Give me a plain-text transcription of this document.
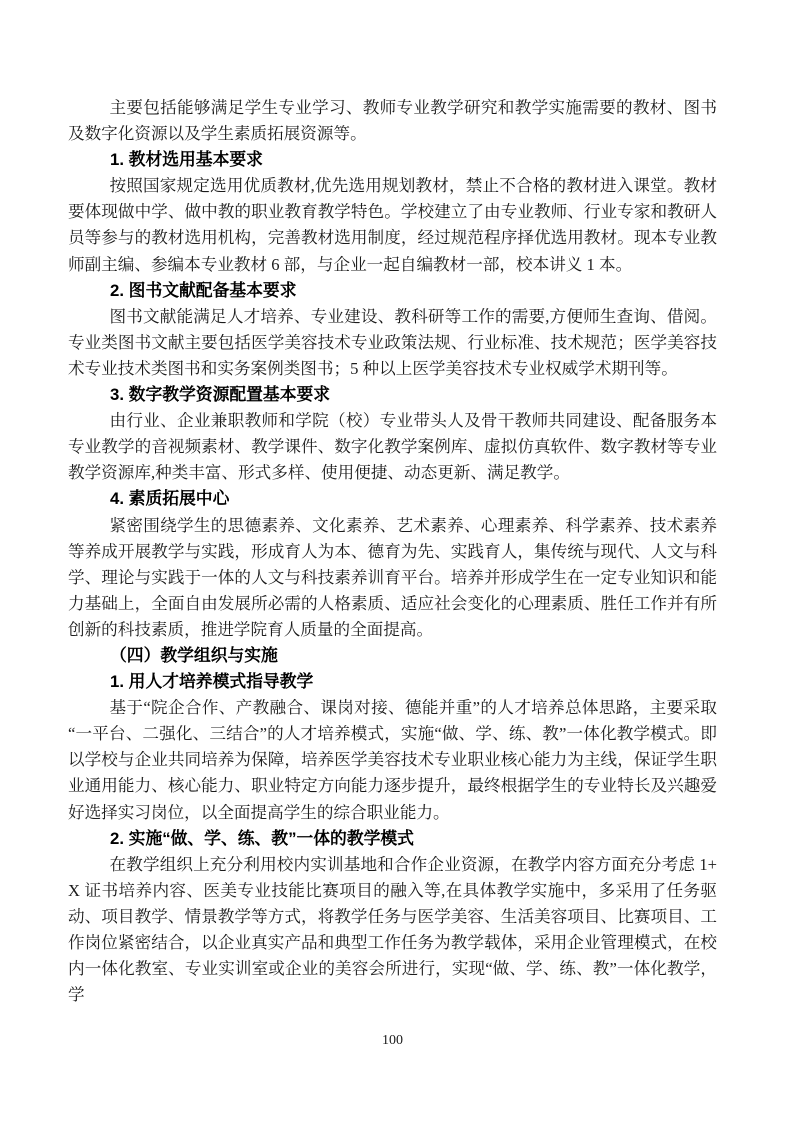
主要包括能够满足学生专业学习、教师专业教学研究和教学实施需要的教材、图书及数字化资源以及学生素质拓展资源等。

1. 教材选用基本要求

按照国家规定选用优质教材,优先选用规划教材，禁止不合格的教材进入课堂。教材要体现做中学、做中教的职业教育教学特色。学校建立了由专业教师、行业专家和教研人员等参与的教材选用机构，完善教材选用制度，经过规范程序择优选用教材。现本专业教师副主编、参编本专业教材 6 部，与企业一起自编教材一部，校本讲义 1 本。

2. 图书文献配备基本要求

图书文献能满足人才培养、专业建设、教科研等工作的需要,方便师生查询、借阅。专业类图书文献主要包括医学美容技术专业政策法规、行业标准、技术规范；医学美容技术专业技术类图书和实务案例类图书；5 种以上医学美容技术专业权威学术期刊等。

3. 数字教学资源配置基本要求

由行业、企业兼职教师和学院（校）专业带头人及骨干教师共同建设、配备服务本专业教学的音视频素材、教学课件、数字化教学案例库、虚拟仿真软件、数字教材等专业教学资源库,种类丰富、形式多样、使用便捷、动态更新、满足教学。

4. 素质拓展中心

紧密围绕学生的思德素养、文化素养、艺术素养、心理素养、科学素养、技术素养等养成开展教学与实践，形成育人为本、德育为先、实践育人，集传统与现代、人文与科学、理论与实践于一体的人文与科技素养训育平台。培养并形成学生在一定专业知识和能力基础上，全面自由发展所必需的人格素质、适应社会变化的心理素质、胜任工作并有所创新的科技素质，推进学院育人质量的全面提高。

（四）教学组织与实施
1. 用人才培养模式指导教学

基于“院企合作、产教融合、课岗对接、德能并重”的人才培养总体思路，主要采取“一平台、二强化、三结合”的人才培养模式，实施“做、学、练、教”一体化教学模式。即以学校与企业共同培养为保障，培养医学美容技术专业职业核心能力为主线，保证学生职业通用能力、核心能力、职业特定方向能力逐步提升，最终根据学生的专业特长及兴趣爱好选择实习岗位，以全面提高学生的综合职业能力。

2. 实施“做、学、练、教”一体的教学模式

在教学组织上充分利用校内实训基地和合作企业资源，在教学内容方面充分考虑 1+X 证书培养内容、医美专业技能比赛项目的融入等,在具体教学实施中，多采用了任务驱动、项目教学、情景教学等方式，将教学任务与医学美容、生活美容项目、比赛项目、工作岗位紧密结合，以企业真实产品和典型工作任务为教学载体，采用企业管理模式，在校内一体化教室、专业实训室或企业的美容会所进行，实现“做、学、练、教”一体化教学，学

100
